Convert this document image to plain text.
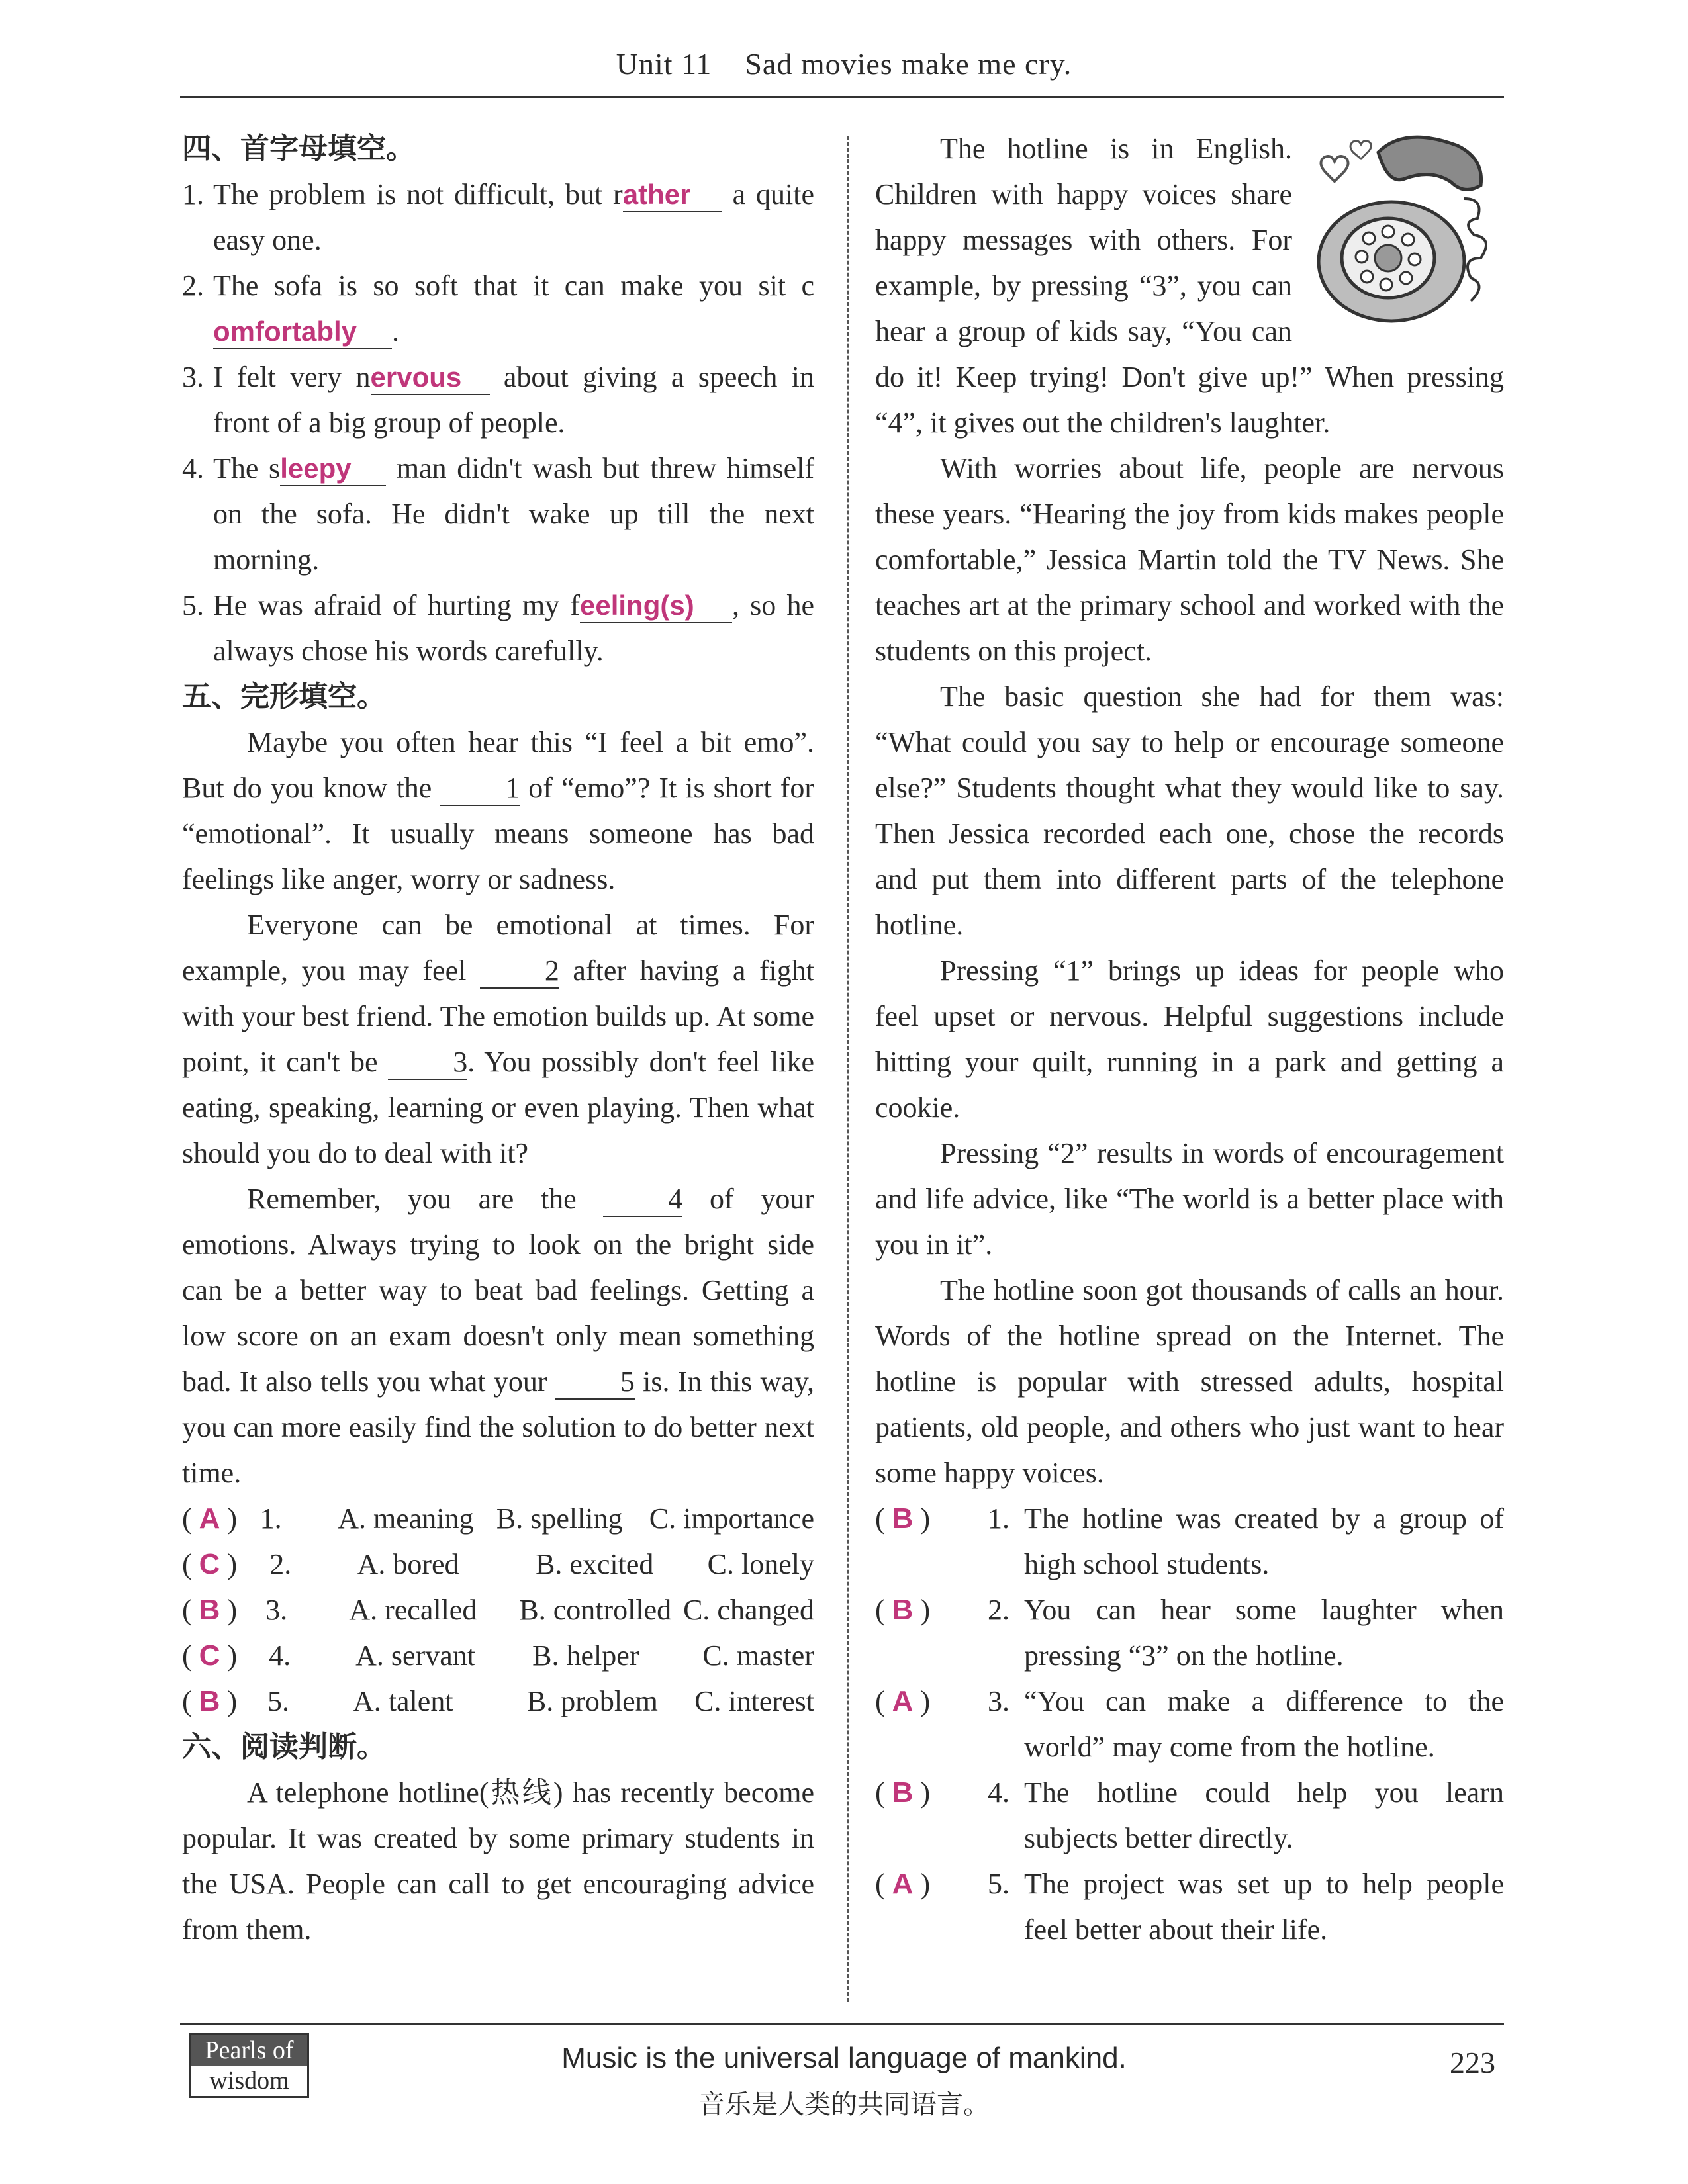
Unit 11 Sad movies make me cry.
四、首字母填空。
1. The problem is not difficult, but rather a quite easy one.
2. The sofa is so soft that it can make you sit comfortably .
3. I felt very nervous about giving a speech in front of a big group of people.
4. The sleepy man didn't wash but threw himself on the sofa. He didn't wake up till the next morning.
5. He was afraid of hurting my feeling(s) , so he always chose his words carefully.
五、完形填空。

Maybe you often hear this “I feel a bit emo”. But do you know the 1 of “emo”? It is short for “emotional”. It usually means someone has bad feelings like anger, worry or sadness.

Everyone can be emotional at times. For example, you may feel 2 after having a fight with your best friend. The emotion builds up. At some point, it can't be 3. You possibly don't feel like eating, speaking, learning or even playing. Then what should you do to deal with it?

Remember, you are the 4 of your emotions. Always trying to look on the bright side can be a better way to beat bad feelings. Getting a low score on an exam doesn't only mean something bad. It also tells you what your 5 is. In this way, you can more easily find the solution to do better next time.

( A ) 1.	A. meaning B. spelling C. importance
( C )	2.	A. bored	B. excited	C. lonely
( B ) 3.	A. recalled	B. controlled C. changed
( C )	4.	A. servant	B. helper	C. master
( B )	5.	A. talent	B. problem	C. interest
六、阅读判断。

A telephone hotline(热线) has recently become popular. It was created by some primary students in the USA. People can call to get encouraging advice from them.

The hotline is in English. Children with happy voices share happy messages with others. For example, by pressing “3”, you can hear a group of kids say, “You can do it! Keep trying! Don't give up!” When pressing “4”, it gives out the children's laughter.

With worries about life, people are nervous these years. “Hearing the joy from kids makes people comfortable,” Jessica Martin told the TV News. She teaches art at the primary school and worked with the students on this project.

The basic question she had for them was: “What could you say to help or encourage someone else?” Students thought what they would like to say. Then Jessica recorded each one, chose the records and put them into different parts of the telephone hotline.

Pressing “1” brings up ideas for people who feel upset or nervous. Helpful suggestions include hitting your quilt, running in a park and getting a cookie.

Pressing “2” results in words of encouragement and life advice, like “The world is a better place with you in it”.

The hotline soon got thousands of calls an hour. Words of the hotline spread on the Internet. The hotline is popular with stressed adults, hospital patients, old people, and others who just want to hear some happy voices.

( B )	1. The hotline was created by a group of high school students.
( B )	2. You can hear some laughter when pressing “3” on the hotline.
( A )	3. “You can make a difference to the world” may come from the hotline.
( B )	4. The hotline could help you learn subjects better directly.
( A )	5. The project was set up to help people feel better about their life.
Pearls of
wisdom
Music is the universal language of mankind.
音乐是人类的共同语言。
223
